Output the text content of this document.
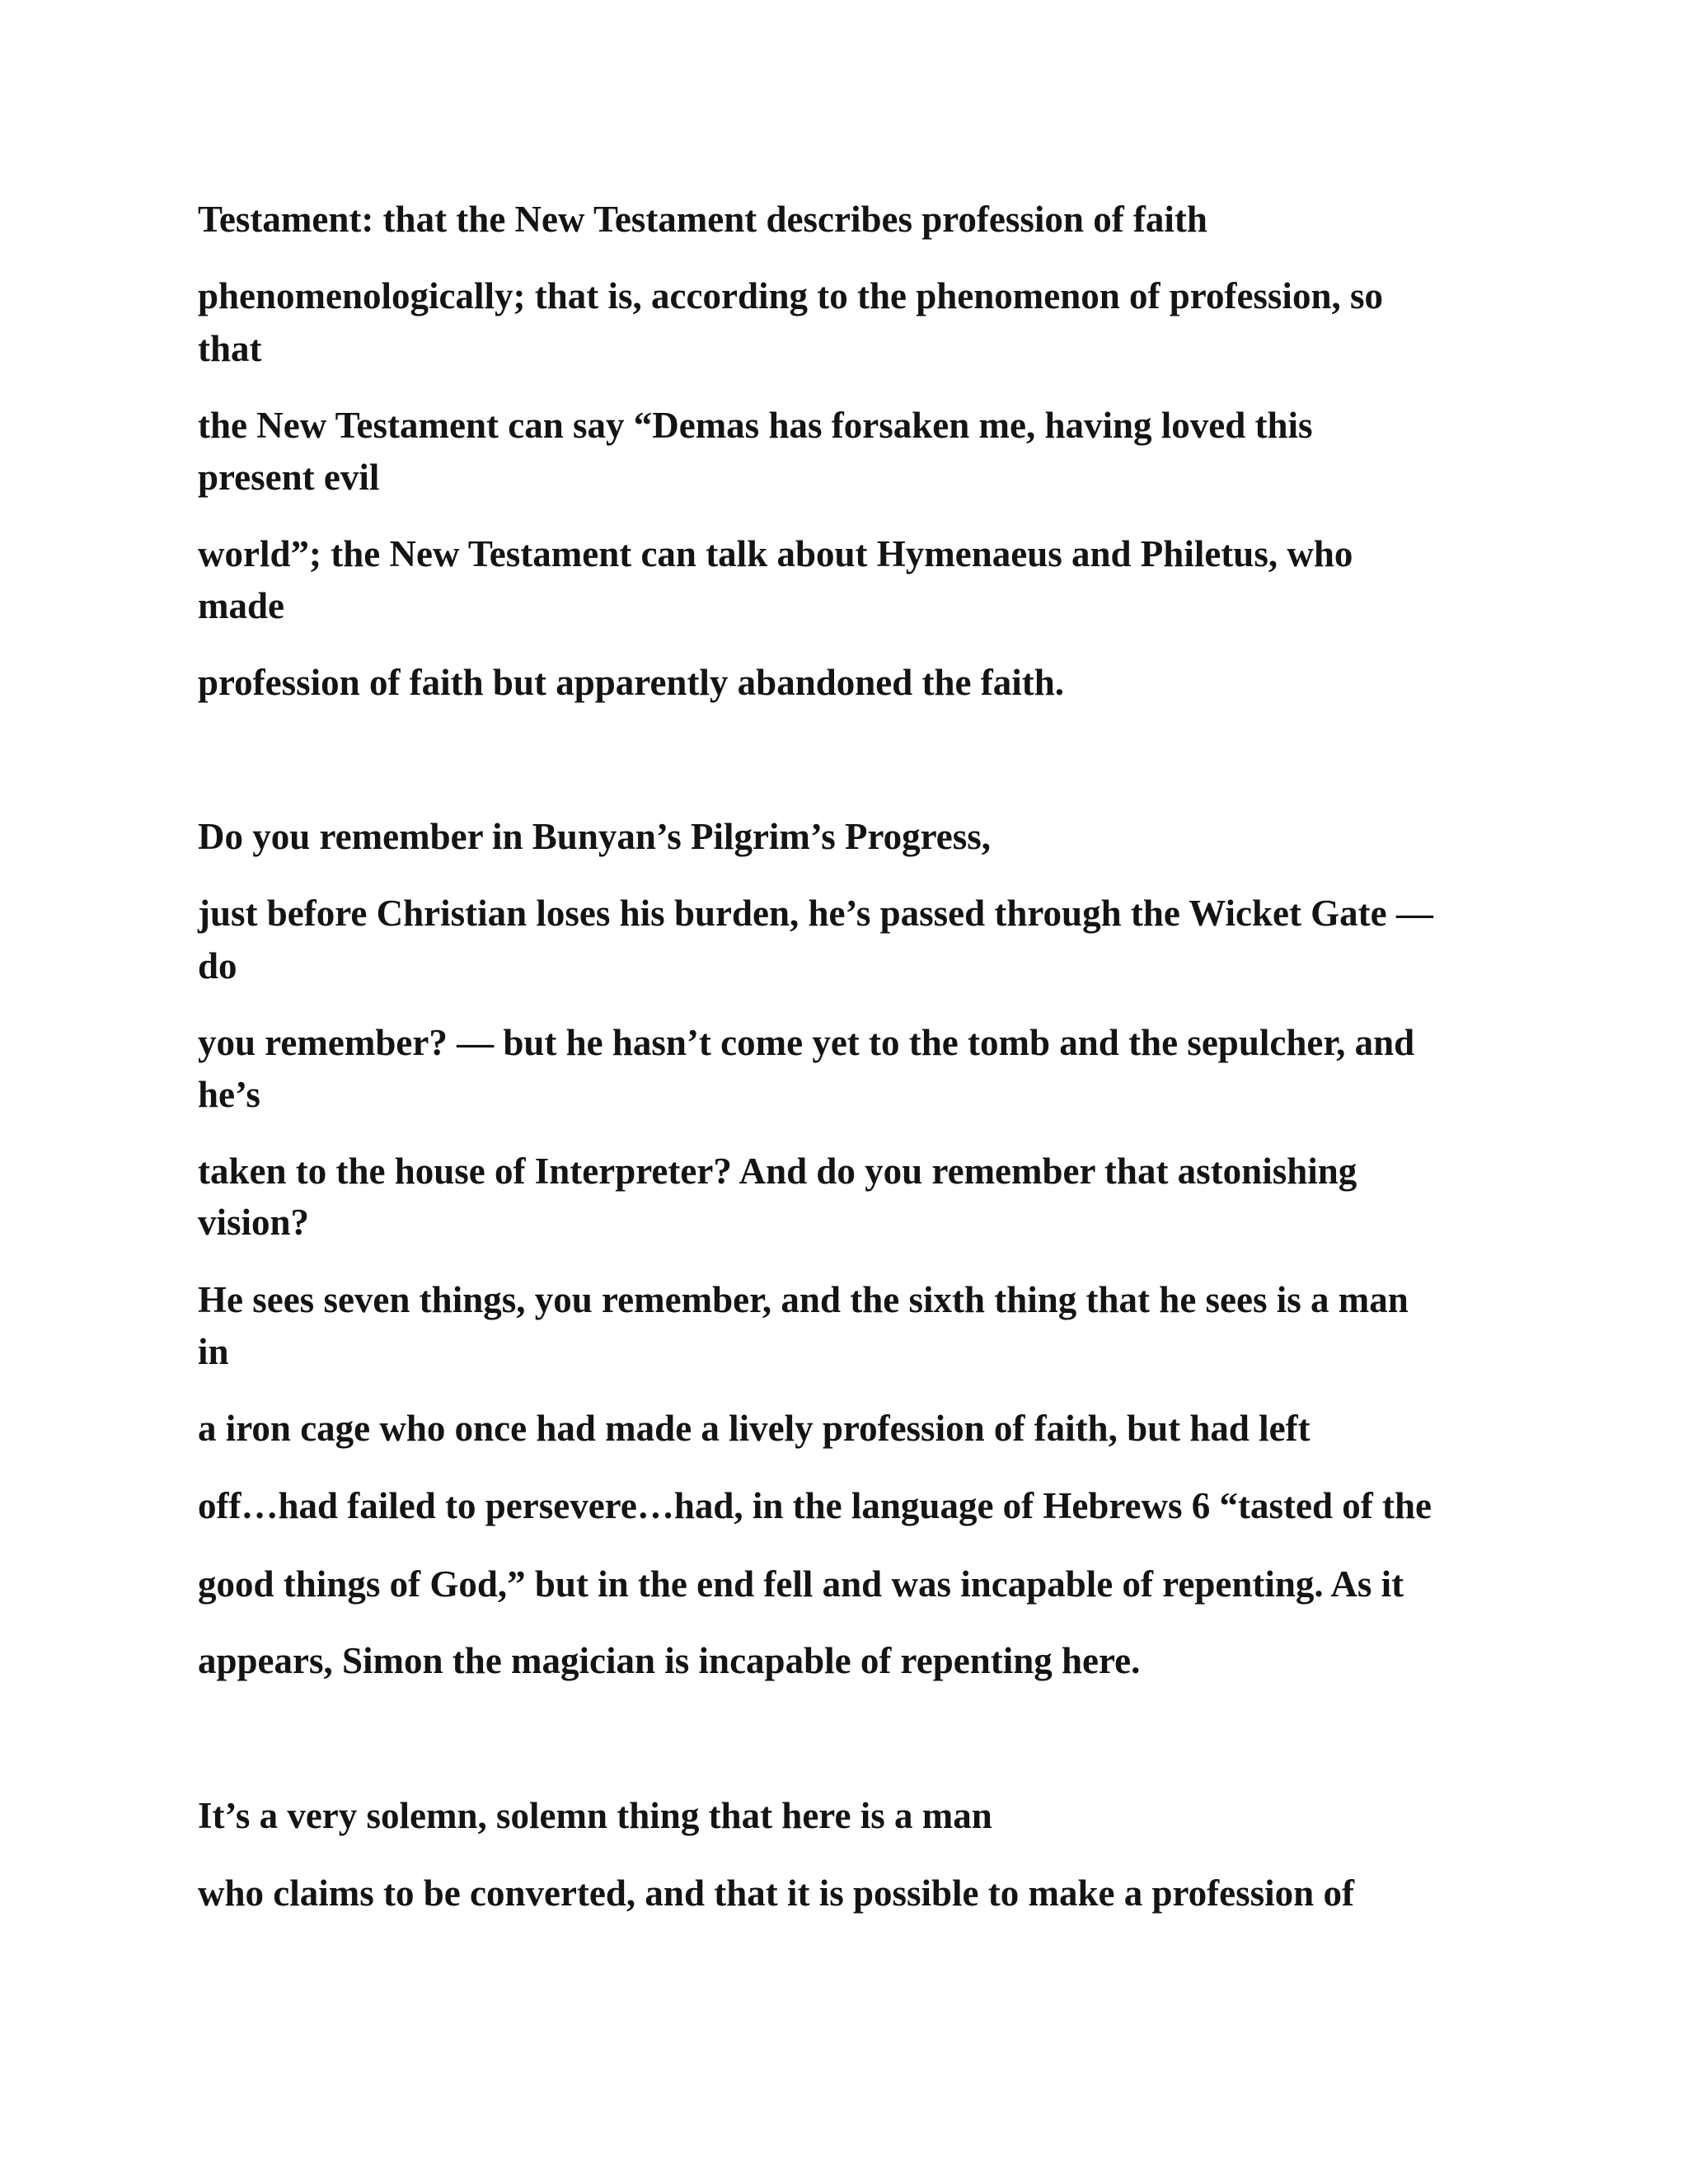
Testament: that the New Testament describes profession of faith

phenomenologically; that is, according to the phenomenon of profession, so

that

the New Testament can say “Demas has forsaken me, having loved this

present evil

world”; the New Testament can talk about Hymenaeus and Philetus, who

made

profession of faith but apparently abandoned the faith.

Do you remember in Bunyan’s Pilgrim’s Progress,

just before Christian loses his burden, he’s passed through the Wicket Gate —

do

you remember? — but he hasn’t come yet to the tomb and the sepulcher, and

he’s

taken to the house of Interpreter? And do you remember that astonishing

vision?

He sees seven things, you remember, and the sixth thing that he sees is a man

in

a iron cage who once had made a lively profession of faith, but had left

off…had failed to persevere…had, in the language of Hebrews 6 “tasted of the

good things of God,” but in the end fell and was incapable of repenting. As it

appears, Simon the magician is incapable of repenting here.

It’s a very solemn, solemn thing that here is a man

who claims to be converted, and that it is possible to make a profession of
